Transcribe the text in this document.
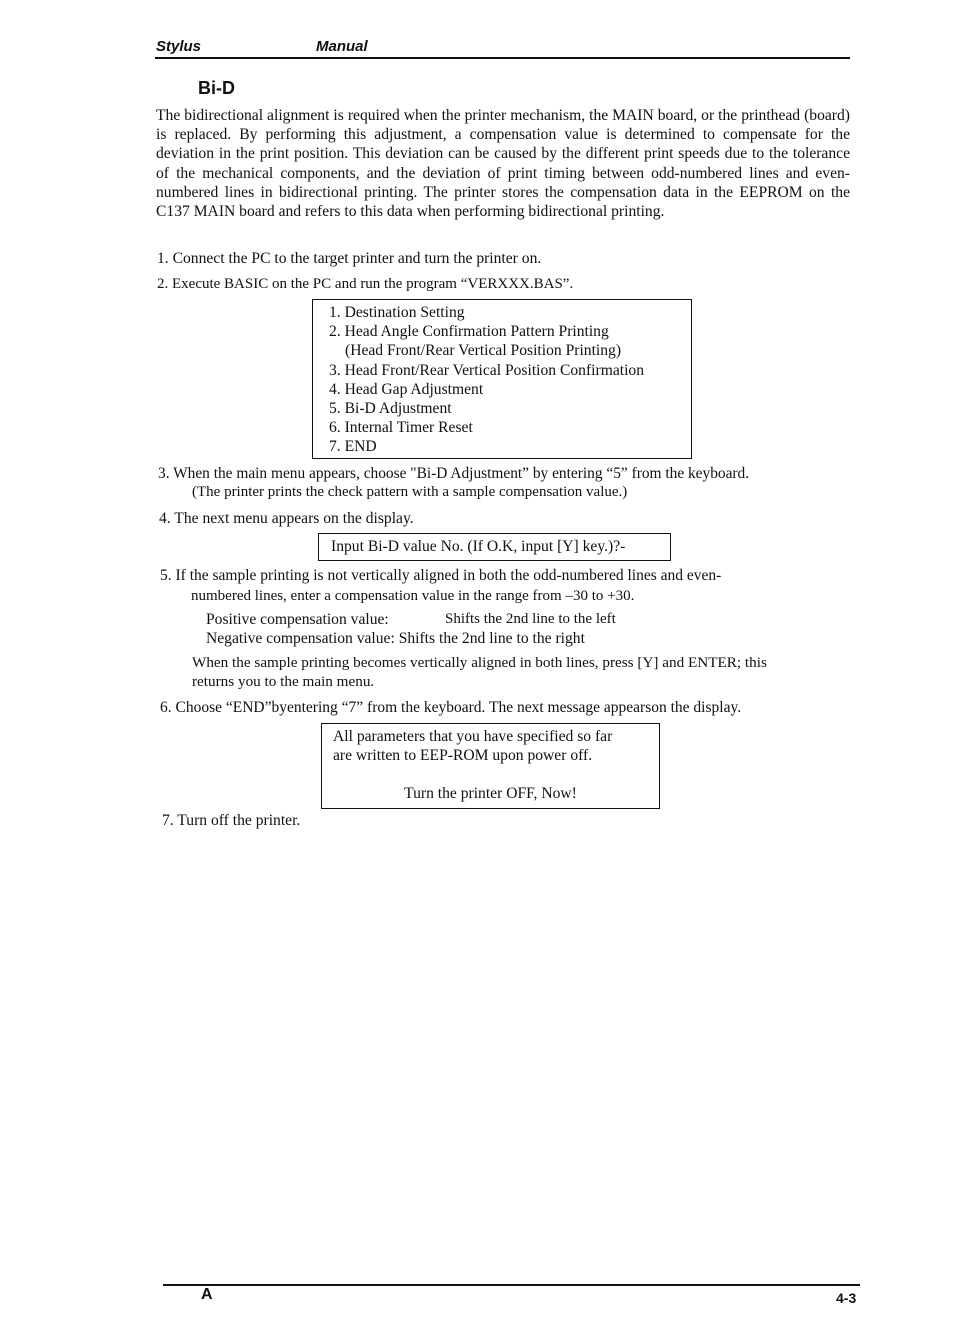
Stylus	Manual
Bi-D
The bidirectional alignment is required when the printer mechanism, the MAIN board, or the printhead (board) is replaced. By performing this adjustment, a compensation value is determined to compensate for the deviation in the print position. This deviation can be caused by the different print speeds due to the tolerance of the mechanical components, and the deviation of print timing between odd-numbered lines and even-numbered lines in bidirectional printing. The printer stores the compensation data in the EEPROM on the C137 MAIN board and refers to this data when performing bidirectional printing.
1. Connect the PC to the target printer and turn the printer on.
2. Execute BASIC on the PC and run the program “VERXXX.BAS”.
1. Destination Setting
2. Head Angle Confirmation Pattern Printing
(Head Front/Rear Vertical Position Printing)
3. Head Front/Rear Vertical Position Confirmation
4. Head Gap Adjustment
5. Bi-D Adjustment
6. Internal Timer Reset
7. END
3. When the main menu appears, choose "Bi-D Adjustment” by entering “5” from the keyboard.
(The printer prints the check pattern with a sample compensation value.)
4. The next menu appears on the display.
Input Bi-D value No. (If O.K, input [Y] key.)?-
5. If the sample printing is not vertically aligned in both the odd-numbered lines and even-
numbered lines, enter a compensation value in the range from –30 to +30.
Positive compensation value:	Shifts the 2nd line to the left
Negative compensation value: Shifts the 2nd line to the right
When the sample printing becomes vertically aligned in both lines, press [Y] and ENTER; this
returns you to the main menu.
6. Choose “END”byentering “7” from the keyboard. The next message appearson the display.
All parameters that you have specified so far
are written to EEP-ROM upon power off.
Turn the printer OFF, Now!
7. Turn off the printer.
A	4-3
